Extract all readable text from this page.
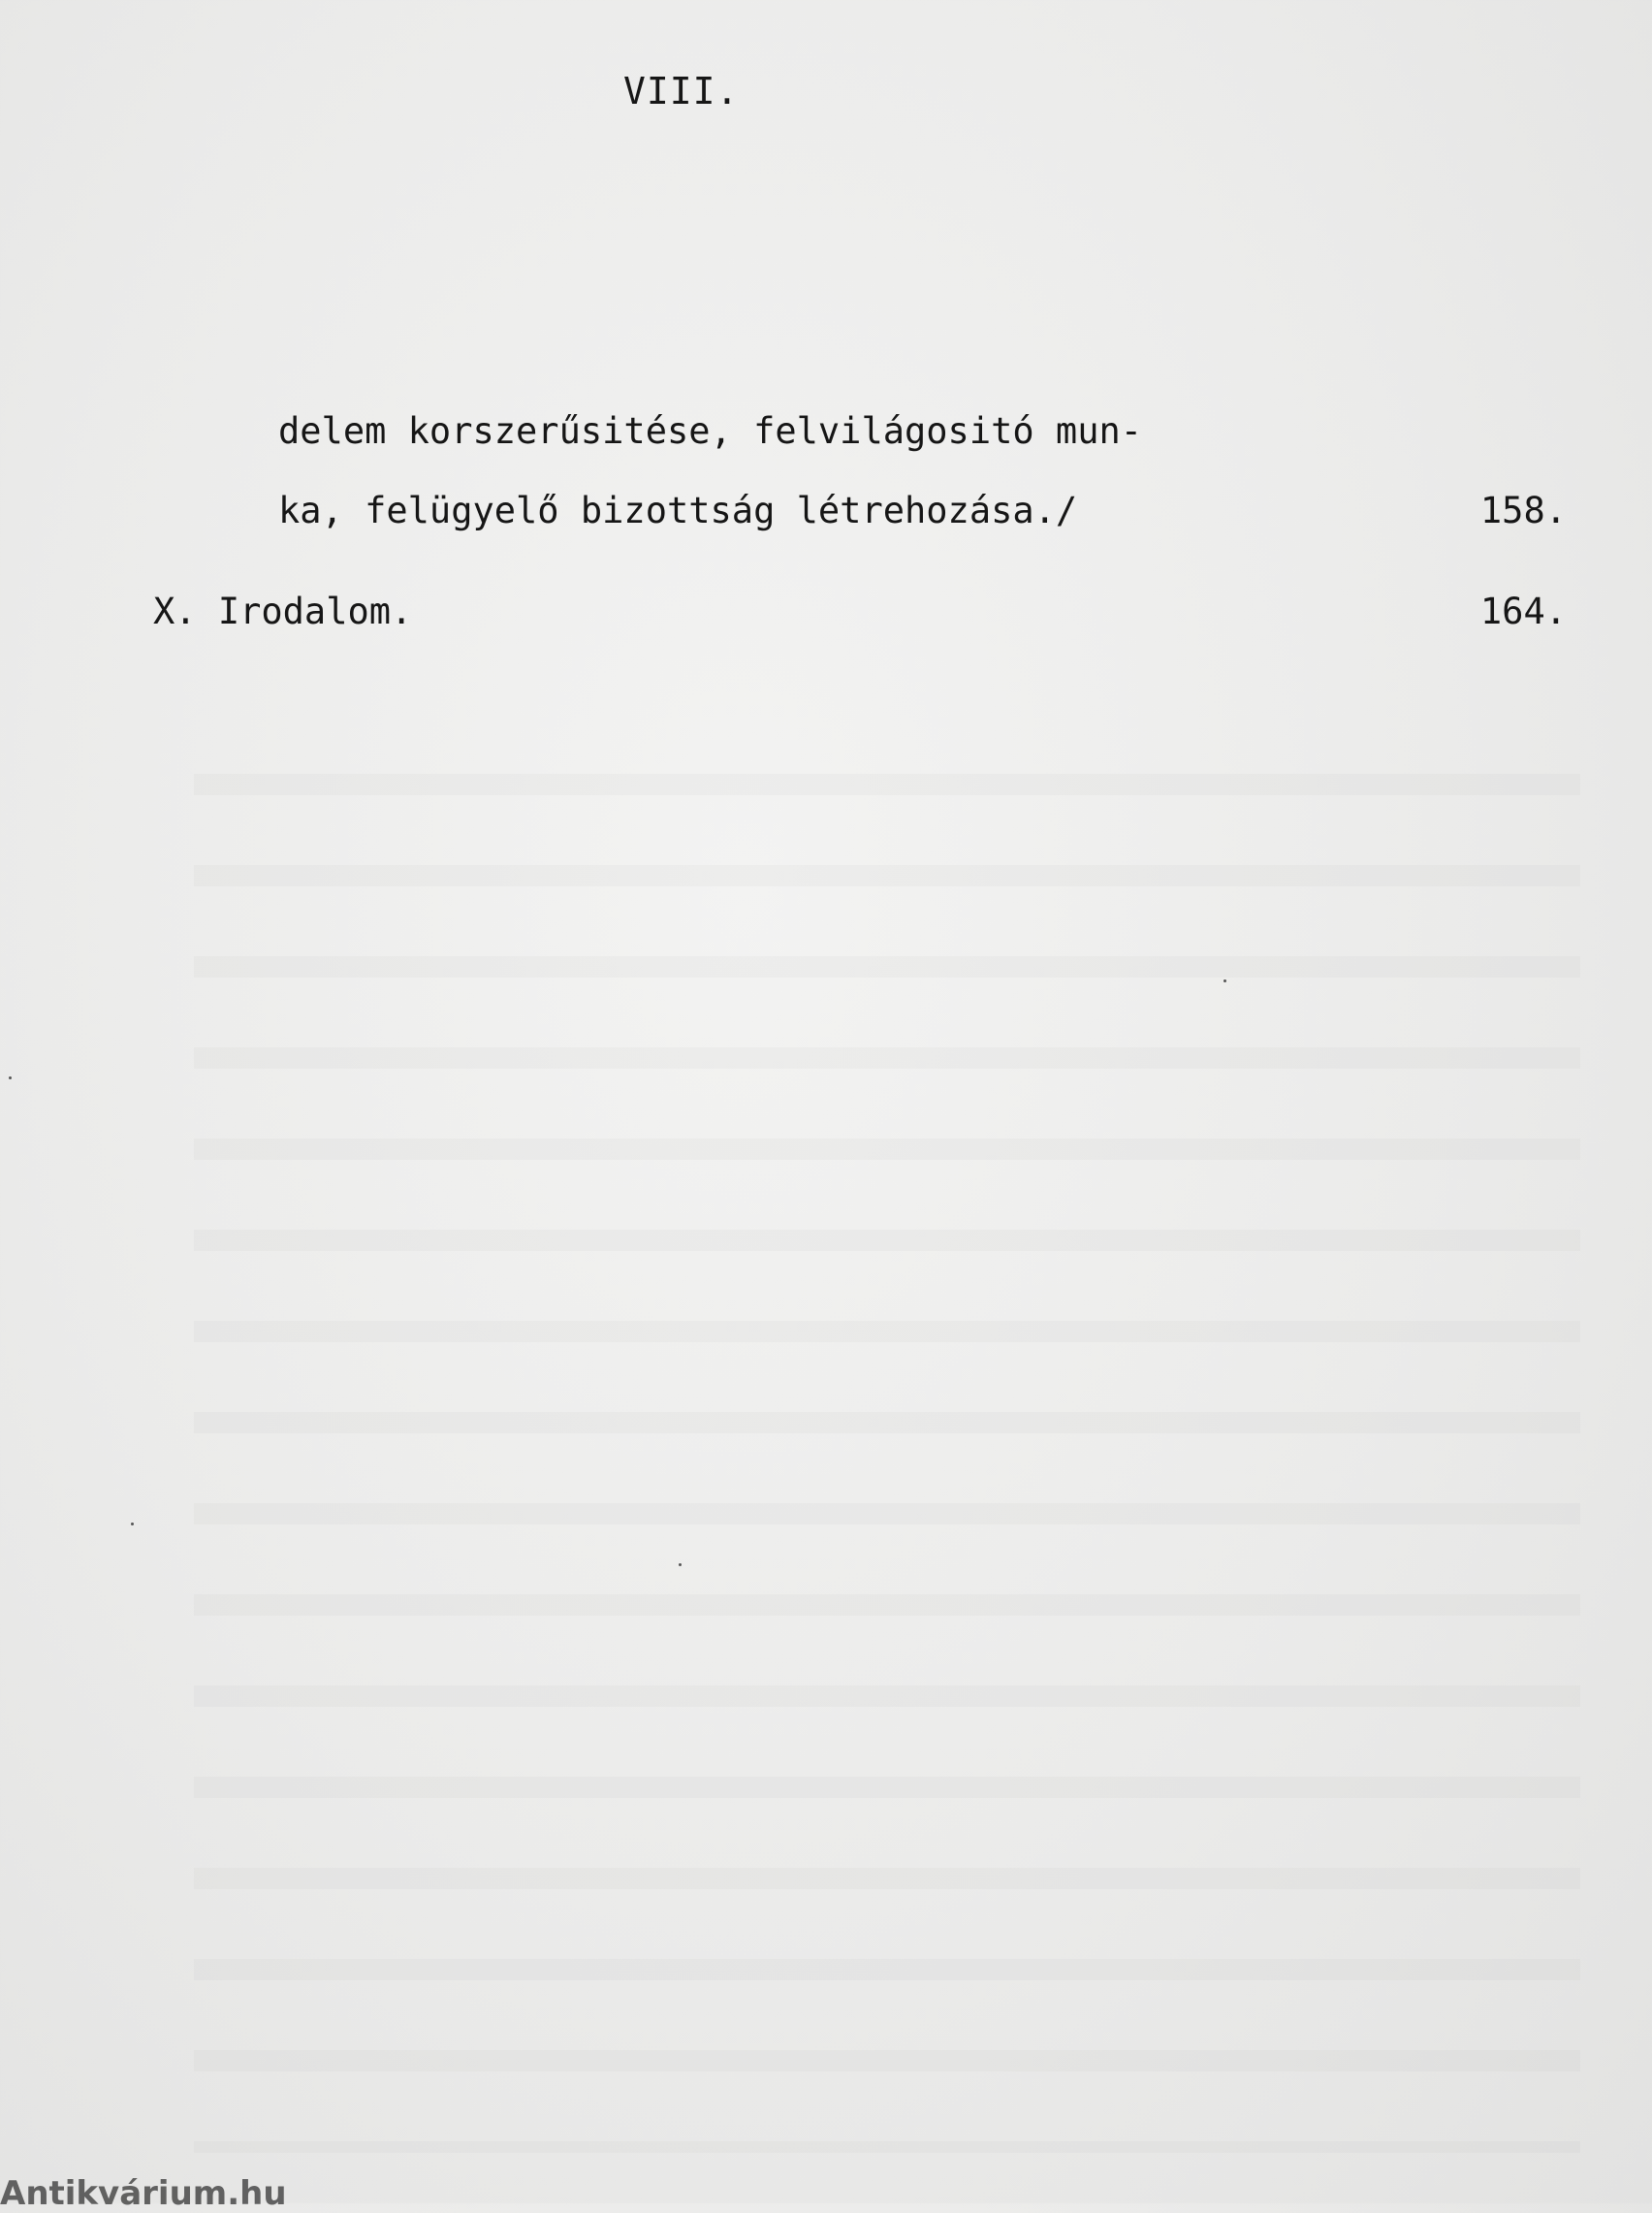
VIII.
delem korszerűsitése, felvilágositó mun-
ka, felügyelő bizottság létrehozása./	158.
X. Irodalom.	164.
Antikvárium.hu
